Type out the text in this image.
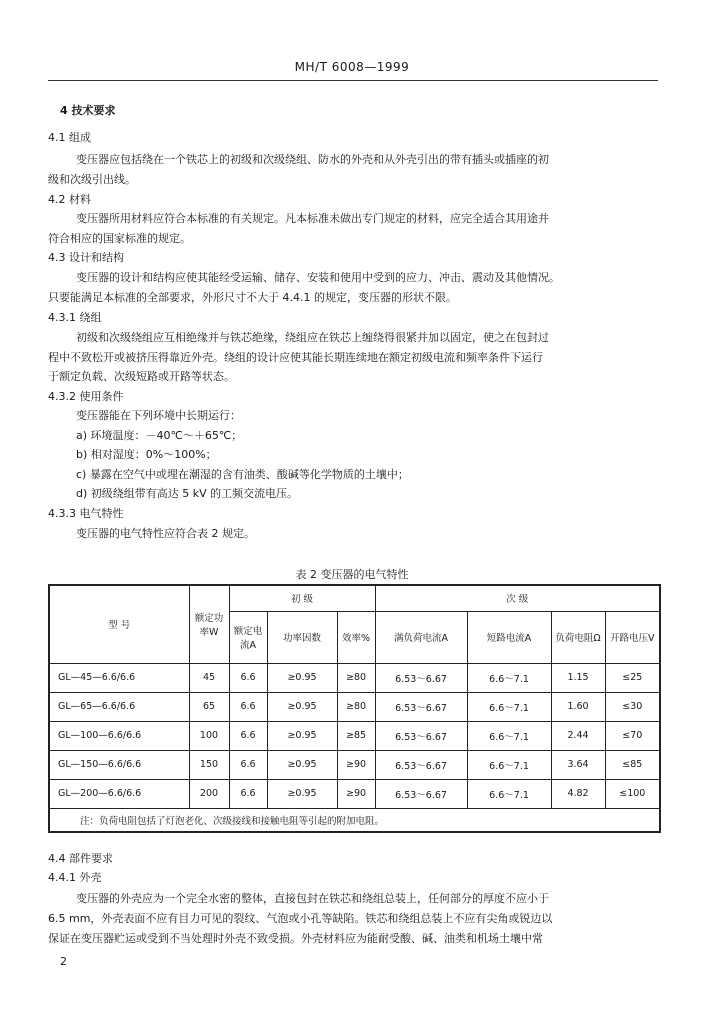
MH/T 6008—1999
4 技术要求
4.1 组成
变压器应包括绕在一个铁芯上的初级和次级绕组、防水的外壳和从外壳引出的带有插头或插座的初
级和次级引出线。
4.2 材料
变压器所用材料应符合本标准的有关规定。凡本标准未做出专门规定的材料，应完全适合其用途并
符合相应的国家标准的规定。
4.3 设计和结构
变压器的设计和结构应使其能经受运输、储存、安装和使用中受到的应力、冲击、震动及其他情况。
只要能满足本标准的全部要求，外形尺寸不大于 4.4.1 的规定，变压器的形状不限。
4.3.1 绕组
初级和次级绕组应互相绝缘并与铁芯绝缘，绕组应在铁芯上缠绕得很紧并加以固定，使之在包封过
程中不致松开或被挤压得靠近外壳。绕组的设计应使其能长期连续地在额定初级电流和频率条件下运行
于额定负载、次级短路或开路等状态。
4.3.2 使用条件
变压器能在下列环境中长期运行：
a) 环境温度：－40℃～＋65℃；
b) 相对湿度：0%～100%；
c) 暴露在空气中或埋在潮湿的含有油类、酸碱等化学物质的土壤中；
d) 初级绕组带有高达 5 kV 的工频交流电压。
4.3.3 电气特性
变压器的电气特性应符合表 2 规定。
表 2 变压器的电气特性
型 号	额定功率W	初 级			次 级			
		额定电流A	功率因数	效率%	满负荷电流A	短路电流A	负荷电阻Ω	开路电压V
GL—45—6.6/6.6	45	6.6	≥0.95	≥80	6.53～6.67	6.6～7.1	1.15	≤25
GL—65—6.6/6.6	65	6.6	≥0.95	≥80	6.53～6.67	6.6～7.1	1.60	≤30
GL—100—6.6/6.6	100	6.6	≥0.95	≥85	6.53～6.67	6.6～7.1	2.44	≤70
GL—150—6.6/6.6	150	6.6	≥0.95	≥90	6.53～6.67	6.6～7.1	3.64	≤85
GL—200—6.6/6.6	200	6.6	≥0.95	≥90	6.53～6.67	6.6～7.1	4.82	≤100
注：负荷电阻包括了灯泡老化、次级接线和接触电阻等引起的附加电阻。								
4.4 部件要求
4.4.1 外壳
变压器的外壳应为一个完全水密的整体，直接包封在铁芯和绕组总装上，任何部分的厚度不应小于
6.5 mm，外壳表面不应有目力可见的裂纹、气泡或小孔等缺陷。铁芯和绕组总装上不应有尖角或锐边以
保证在变压器贮运或受到不当处理时外壳不致受损。外壳材料应为能耐受酸、碱、油类和机场土壤中常
2
